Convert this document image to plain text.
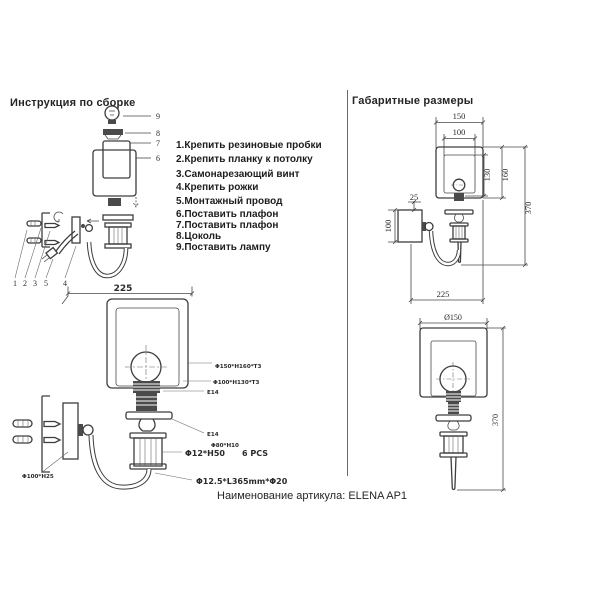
Инструкция по сборке	Габаритные размеры
9
8
7
6
1 2 3 5 4
1.Крепить резиновые пробки
2.Крепить планку к потолку
3.Самонарезающий винт
4.Крепить рожки
5.Монтажный провод
6.Поставить плафон
7.Поставить плафон
8.Цоколь
9.Поставить лампу
150
100
25
100
130 160
370
225
225
Φ100*H25
Φ150*H160*T3
Φ100*H130*T3
E14
E14
Φ80*H10
Φ12*H50 6 PCS
Φ12.5*L365mm*Φ20
Ø150
370
Наименование артикула: ELENA AP1
